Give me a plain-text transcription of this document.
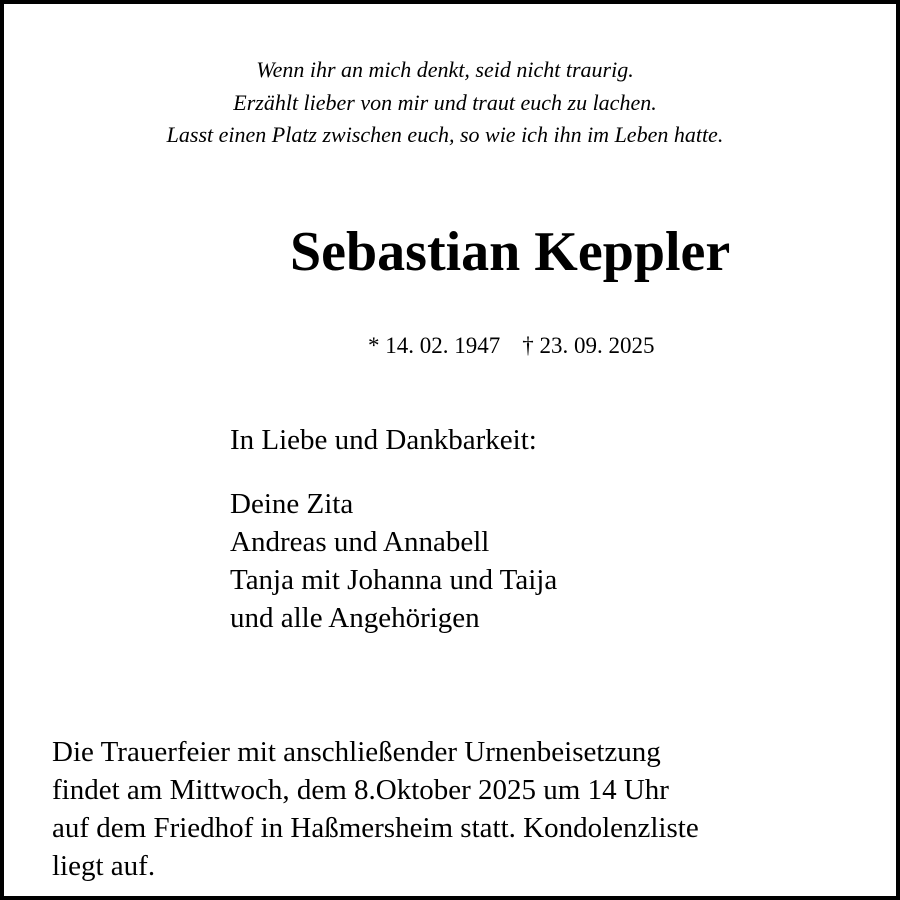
Wenn ihr an mich denkt, seid nicht traurig.
Erzählt lieber von mir und traut euch zu lachen.
Lasst einen Platz zwischen euch, so wie ich ihn im Leben hatte.
Sebastian Keppler
* 14. 02. 1947 † 23. 09. 2025
In Liebe und Dankbarkeit:
Deine Zita
Andreas und Annabell
Tanja mit Johanna und Taija
und alle Angehörigen
Die Trauerfeier mit anschließender Urnenbeisetzung
findet am Mittwoch, dem 8.Oktober 2025 um 14 Uhr
auf dem Friedhof in Haßmersheim statt. Kondolenzliste
liegt auf.
